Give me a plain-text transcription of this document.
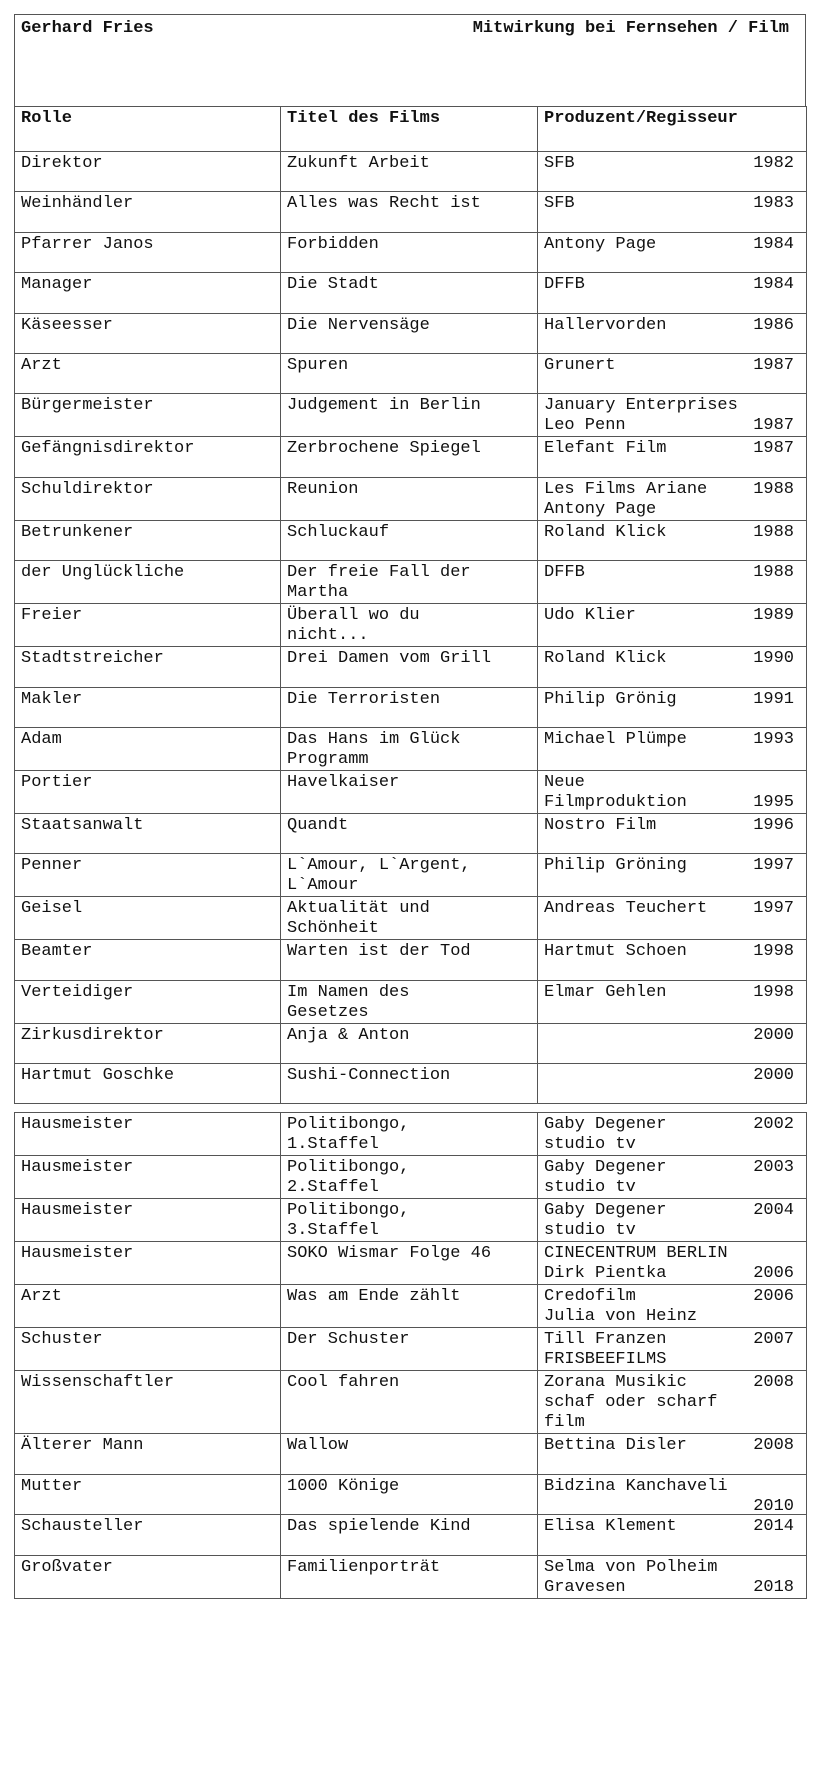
Gerhard Fries	Mitwirkung bei Fernsehen / Film
Rolle	Titel des Films	Produzent/Regisseur
Direktor	Zukunft Arbeit	SFB 1982

Weinhändler	Alles was Recht ist	SFB 1983

Pfarrer Janos	Forbidden	Antony Page 1984

Manager	Die Stadt	DFFB 1984

Käseesser	Die Nervensäge	Hallervorden 1986

Arzt	Spuren	Grunert 1987

Bürgermeister	Judgement in Berlin	January Enterprises
Leo Penn 1987

Gefängnisdirektor	Zerbrochene Spiegel	Elefant Film 1987

Schuldirektor	Reunion	Les Films Ariane
Antony Page
1988

Betrunkener	Schluckauf	Roland Klick 1988

der Unglückliche	Der freie Fall der
Martha	DFFB 1988

Freier	Überall wo du
nicht...	Udo Klier 1989

Stadtstreicher	Drei Damen vom Grill	Roland Klick 1990

Makler	Die Terroristen	Philip Grönig 1991

Adam	Das Hans im Glück
Programm	Michael Plümpe 1993

Portier	Havelkaiser	Neue
Filmproduktion 1995

Staatsanwalt	Quandt	Nostro Film 1996

Penner	L`Amour, L`Argent,
L`Amour	Philip Gröning 1997

Geisel	Aktualität und
Schönheit	Andreas Teuchert 1997

Beamter	Warten ist der Tod	Hartmut Schoen 1998

Verteidiger	Im Namen des
Gesetzes	Elmar Gehlen 1998

Zirkusdirektor	Anja & Anton	2000

Hartmut Goschke	Sushi-Connection	2000
Hausmeister	Politibongo,
1.Staffel	Gaby Degener
studio tv
2002

Hausmeister	Politibongo,
2.Staffel	Gaby Degener
studio tv
2003

Hausmeister	Politibongo,
3.Staffel	Gaby Degener
studio tv
2004

Hausmeister	SOKO Wismar Folge 46	CINECENTRUM BERLIN
Dirk Pientka 2006

Arzt	Was am Ende zählt	Credofilm
Julia von Heinz
2006

Schuster	Der Schuster	Till Franzen
FRISBEEFILMS
2007

Wissenschaftler	Cool fahren	Zorana Musikic
schaf oder scharf
film
2008

Älterer Mann	Wallow	Bettina Disler 2008

Mutter	1000 Könige	Bidzina Kanchaveli
2010

Schausteller	Das spielende Kind	Elisa Klement 2014

Großvater	Familienporträt	Selma von Polheim
Gravesen 2018
